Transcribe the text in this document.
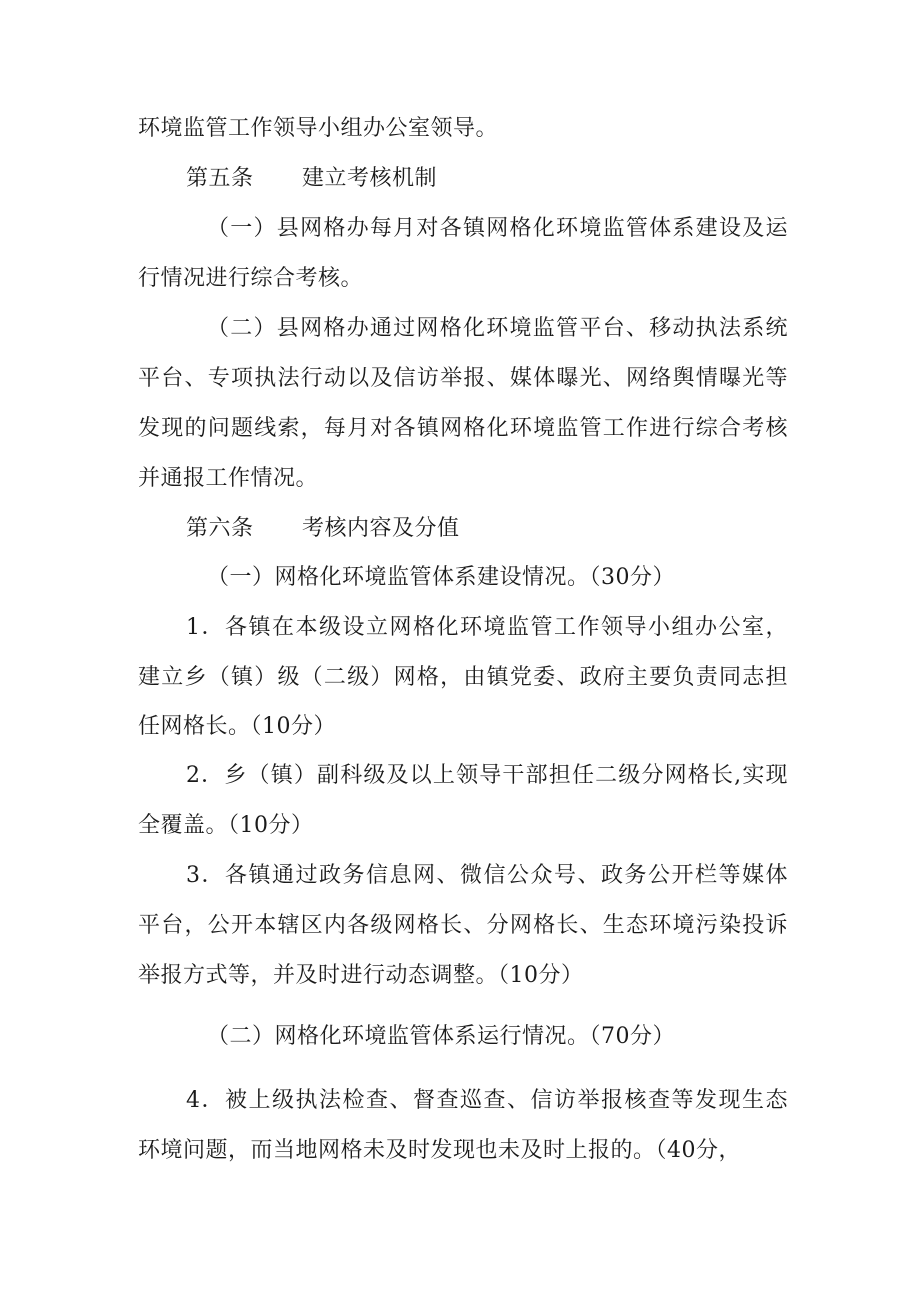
环境监管工作领导小组办公室领导。
第五条 建立考核机制
（一）县网格办每月对各镇网格化环境监管体系建设及运
行情况进行综合考核。
（二）县网格办通过网格化环境监管平台、移动执法系统
平台、专项执法行动以及信访举报、媒体曝光、网络舆情曝光等
发现的问题线索，每月对各镇网格化环境监管工作进行综合考核
并通报工作情况。
第六条 考核内容及分值
（一）网格化环境监管体系建设情况。（30分）
1．各镇在本级设立网格化环境监管工作领导小组办公室，
建立乡（镇）级（二级）网格，由镇党委、政府主要负责同志担
任网格长。（10分）
2．乡（镇）副科级及以上领导干部担任二级分网格长,实现
全覆盖。（10分）
3．各镇通过政务信息网、微信公众号、政务公开栏等媒体
平台，公开本辖区内各级网格长、分网格长、生态环境污染投诉
举报方式等，并及时进行动态调整。（10分）
（二）网格化环境监管体系运行情况。（70分）
4．被上级执法检查、督查巡查、信访举报核查等发现生态
环境问题，而当地网格未及时发现也未及时上报的。（40分，
